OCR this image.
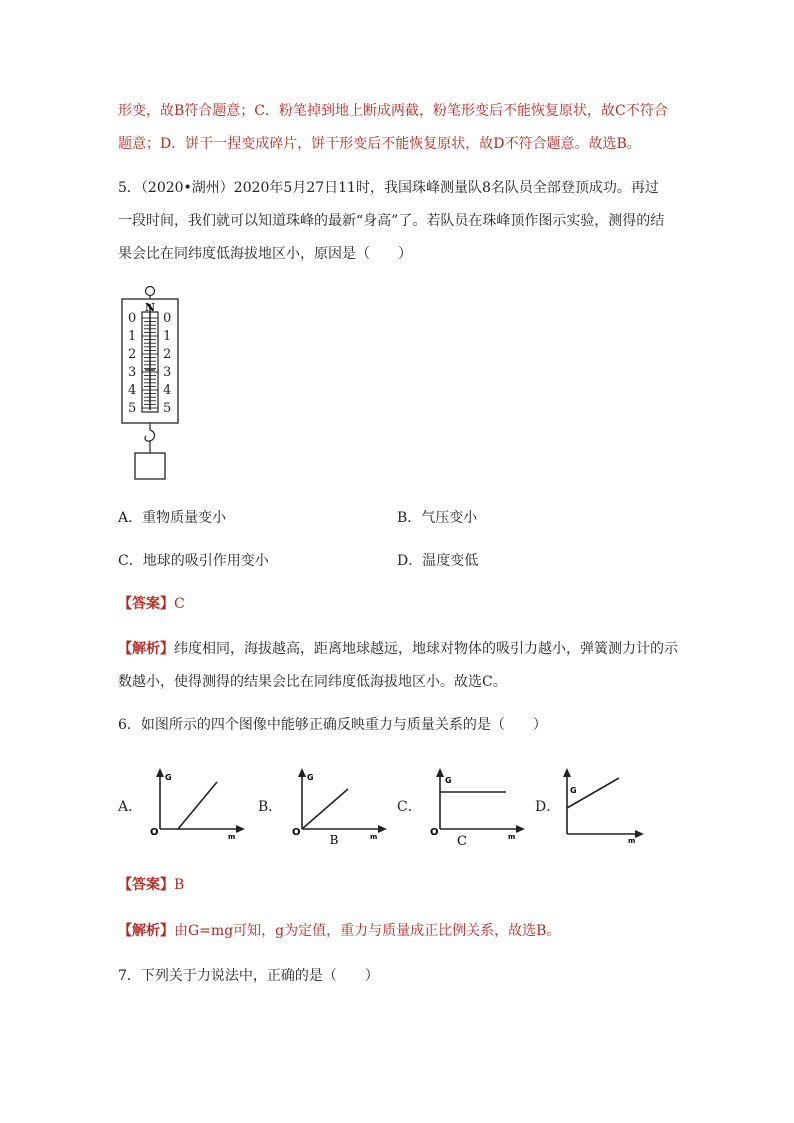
形变，故B符合题意；C．粉笔掉到地上断成两截，粉笔形变后不能恢复原状，故C不符合
题意；D．饼干一捏变成碎片，饼干形变后不能恢复原状，故D不符合题意。故选B。
5．（2020•湖州）2020年5月27日11时，我国珠峰测量队8名队员全部登顶成功。再过
一段时间，我们就可以知道珠峰的最新“身高”了。若队员在珠峰顶作图示实验，测得的结
果会比在同纬度低海拔地区小，原因是（　　）
N
0
1
2
3
4
5
0
1
2
3
4
5
A．重物质量变小	B．气压变小
C．地球的吸引作用变小	D．温度变低
【答案】C
【解析】纬度相同，海拔越高，距离地球越远，地球对物体的吸引力越小，弹簧测力计的示
数越小，使得测得的结果会比在同纬度低海拔地区小。故选C。
6．如图所示的四个图像中能够正确反映重力与质量关系的是（　　）
A．
G
m
O
B．
G
m
O
B
C．
G
m
O
C
D．
G
m
【答案】B
【解析】由G=mg可知，g为定值，重力与质量成正比例关系，故选B。
7．下列关于力说法中，正确的是（　　）
